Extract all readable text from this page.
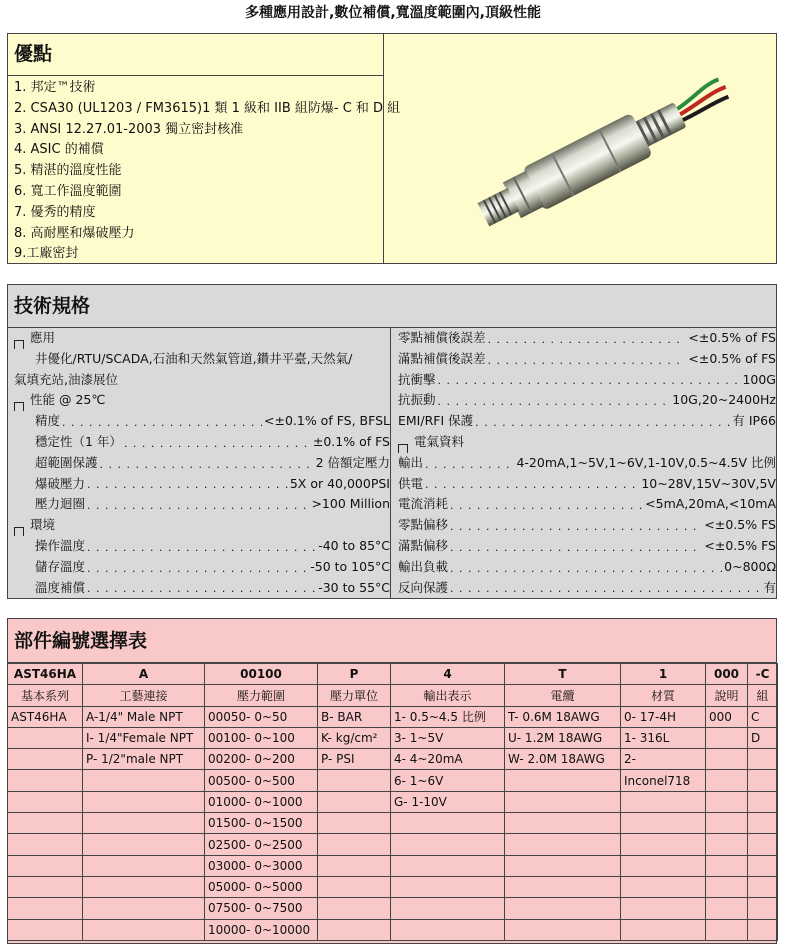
多種應用設計,數位補償,寬溫度範圍內,頂級性能
優點
1. 邦定™技術
2. CSA30 (UL1203 / FM3615)1 類 1 級和 IIB 組防爆- C 和 D 組
3. ANSI 12.27.01-2003 獨立密封核准
4. ASIC 的補償
5. 精湛的溫度性能
6. 寬工作溫度範圍
7. 優秀的精度
8. 高耐壓和爆破壓力
9.工廠密封
技術規格
應用
井優化/RTU/SCADA,石油和天然氣管道,鑽井平臺,天然氣/
氣填充站,油漆展位
性能 @ 25℃
精度 . . .	<±0.1% of FS, BFSL
穩定性（1 年） . . .	±0.1% of FS
超範圍保護 . . .	2 倍額定壓力
爆破壓力 . . .	5X or 40,000PSI
壓力迴圈 . . .	>100 Million
環境
操作溫度 . . .	-40 to 85°C
儲存溫度 . . .	-50 to 105°C
溫度補償 . . .	-30 to 55°C
零點補償後誤差 . . .	<±0.5% of FS
滿點補償後誤差 . . .	<±0.5% of FS
抗衝擊 . . .	100G
抗振動 . . .	10G,20~2400Hz
EMI/RFI 保護 . . .	有 IP66
電氣資料
輸出 . . .	4-20mA,1~5V,1~6V,1-10V,0.5~4.5V 比例
供電 . . .	10~28V,15V~30V,5V
電流消耗 . . .	<5mA,20mA,<10mA
零點偏移 . . .	<±0.5% FS
滿點偏移 . . .	<±0.5% FS
輸出負載 . . .	0~800Ω
反向保護 . . .	有
部件編號選擇表
AST46HA	A	00100	P	4	T	1	000	-C
基本系列	工藝連接	壓力範圍	壓力單位	輸出表示	電纜	材質	說明	組
AST46HA	A-1/4" Male NPT	00050- 0~50	B- BAR	1- 0.5~4.5 比例	T- 0.6M 18AWG	0- 17-4H	000	C
	I- 1/4"Female NPT	00100- 0~100	K- kg/cm²	3- 1~5V	U- 1.2M 18AWG	1- 316L		D
	P- 1/2"male NPT	00200- 0~200	P- PSI	4- 4~20mA	W- 2.0M 18AWG	2-		
		00500- 0~500		6- 1~6V		Inconel718		
		01000- 0~1000		G- 1-10V				
		01500- 0~1500						
		02500- 0~2500						
		03000- 0~3000						
		05000- 0~5000						
		07500- 0~7500						
		10000- 0~10000						
